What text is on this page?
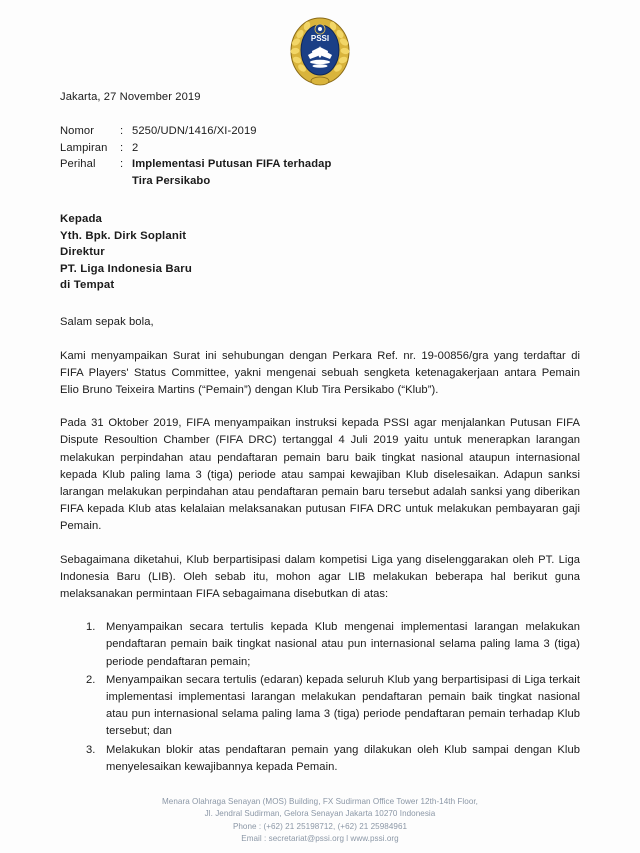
PSSI
Jakarta, 27 November 2019
Nomor	: 5250/UDN/1416/XI-2019
Lampiran	: 2
Perihal	: Implementasi Putusan FIFA terhadap
Tira Persikabo
Kepada
Yth. Bpk. Dirk Soplanit
Direktur
PT. Liga Indonesia Baru
di Tempat
Salam sepak bola,

Kami menyampaikan Surat ini sehubungan dengan Perkara Ref. nr. 19-00856/gra yang terdaftar di FIFA Players' Status Committee, yakni mengenai sebuah sengketa ketenagakerjaan antara Pemain Elio Bruno Teixeira Martins (“Pemain”) dengan Klub Tira Persikabo (“Klub”).

Pada 31 Oktober 2019, FIFA menyampaikan instruksi kepada PSSI agar menjalankan Putusan FIFA Dispute Resoultion Chamber (FIFA DRC) tertanggal 4 Juli 2019 yaitu untuk menerapkan larangan melakukan perpindahan atau pendaftaran pemain baru baik tingkat nasional ataupun internasional kepada Klub paling lama 3 (tiga) periode atau sampai kewajiban Klub diselesaikan. Adapun sanksi larangan melakukan perpindahan atau pendaftaran pemain baru tersebut adalah sanksi yang diberikan FIFA kepada Klub atas kelalaian melaksanakan putusan FIFA DRC untuk melakukan pembayaran gaji Pemain.

Sebagaimana diketahui, Klub berpartisipasi dalam kompetisi Liga yang diselenggarakan oleh PT. Liga Indonesia Baru (LIB). Oleh sebab itu, mohon agar LIB melakukan beberapa hal berikut guna melaksanakan permintaan FIFA sebagaimana disebutkan di atas:

Menyampaikan secara tertulis kepada Klub mengenai implementasi larangan melakukan pendaftaran pemain baik tingkat nasional atau pun internasional selama paling lama 3 (tiga) periode pendaftaran pemain;
Menyampaikan secara tertulis (edaran) kepada seluruh Klub yang berpartisipasi di Liga terkait implementasi implementasi larangan melakukan pendaftaran pemain baik tingkat nasional atau pun internasional selama paling lama 3 (tiga) periode pendaftaran pemain terhadap Klub tersebut; dan
Melakukan blokir atas pendaftaran pemain yang dilakukan oleh Klub sampai dengan Klub menyelesaikan kewajibannya kepada Pemain.
Menara Olahraga Senayan (MOS) Building, FX Sudirman Office Tower 12th-14th Floor,
Jl. Jendral Sudirman, Gelora Senayan Jakarta 10270 Indonesia
Phone : (+62) 21 25198712, (+62) 21 25984961
Email : secretariat@pssi.org l www.pssi.org
